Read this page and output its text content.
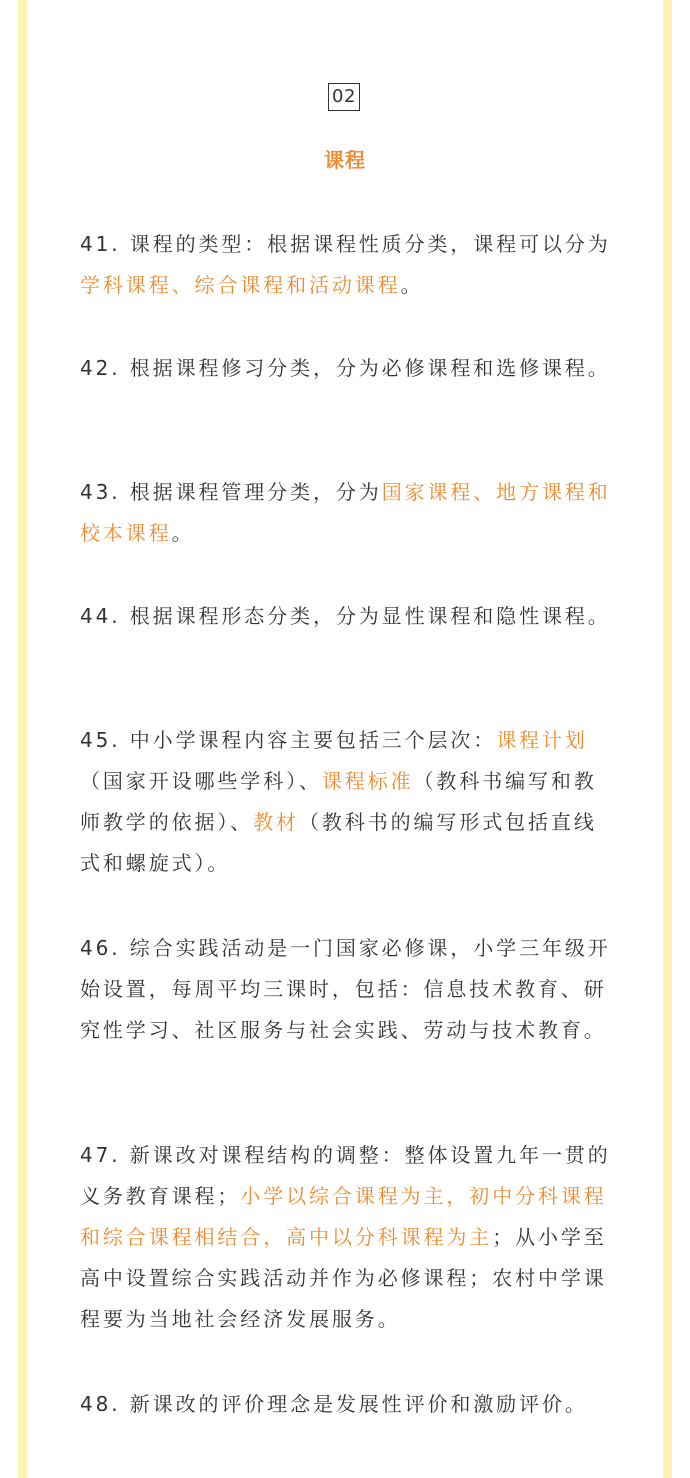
02
课程
41. 课程的类型：根据课程性质分类，课程可以分为学科课程、综合课程和活动课程。
42. 根据课程修习分类，分为必修课程和选修课程。
43. 根据课程管理分类，分为国家课程、地方课程和校本课程。
44. 根据课程形态分类，分为显性课程和隐性课程。
45. 中小学课程内容主要包括三个层次：课程计划（国家开设哪些学科）、课程标准（教科书编写和教师教学的依据）、教材（教科书的编写形式包括直线式和螺旋式）。
46. 综合实践活动是一门国家必修课，小学三年级开始设置，每周平均三课时，包括：信息技术教育、研究性学习、社区服务与社会实践、劳动与技术教育。
47. 新课改对课程结构的调整：整体设置九年一贯的义务教育课程；小学以综合课程为主，初中分科课程和综合课程相结合，高中以分科课程为主；从小学至高中设置综合实践活动并作为必修课程；农村中学课程要为当地社会经济发展服务。
48. 新课改的评价理念是发展性评价和激励评价。
